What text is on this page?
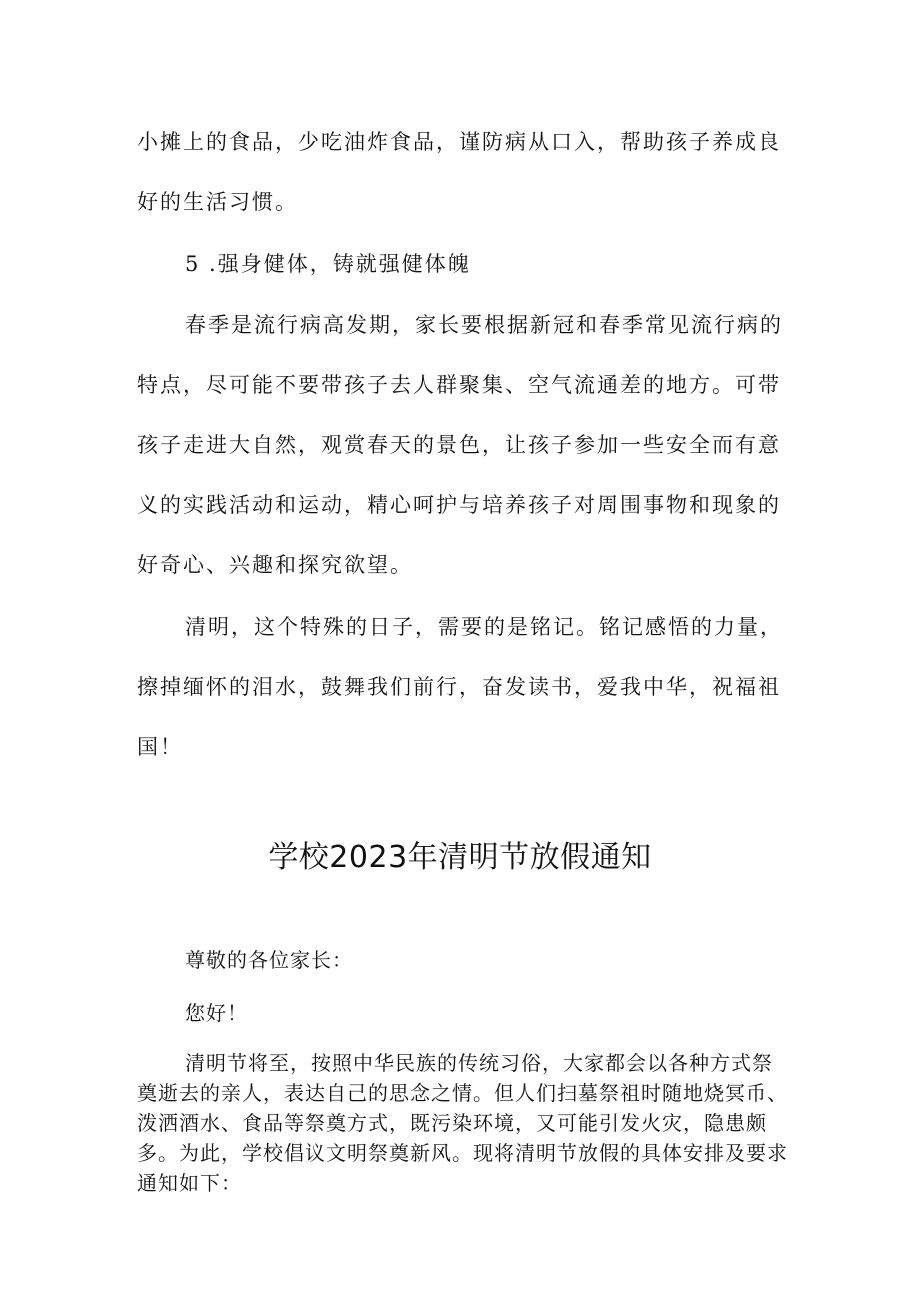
小摊上的食品，少吃油炸食品，谨防病从口入，帮助孩子养成良好的生活习惯。

5 .强身健体，铸就强健体魄

春季是流行病高发期，家长要根据新冠和春季常见流行病的特点，尽可能不要带孩子去人群聚集、空气流通差的地方。可带孩子走进大自然，观赏春天的景色，让孩子参加一些安全而有意义的实践活动和运动，精心呵护与培养孩子对周围事物和现象的好奇心、兴趣和探究欲望。

清明，这个特殊的日子，需要的是铭记。铭记感悟的力量，擦掉缅怀的泪水，鼓舞我们前行，奋发读书，爱我中华，祝福祖国！

学校2023年清明节放假通知

尊敬的各位家长：

您好！

清明节将至，按照中华民族的传统习俗，大家都会以各种方式祭奠逝去的亲人，表达自己的思念之情。但人们扫墓祭祖时随地烧冥币、泼洒酒水、食品等祭奠方式，既污染环境，又可能引发火灾，隐患颇多。为此，学校倡议文明祭奠新风。现将清明节放假的具体安排及要求通知如下：
